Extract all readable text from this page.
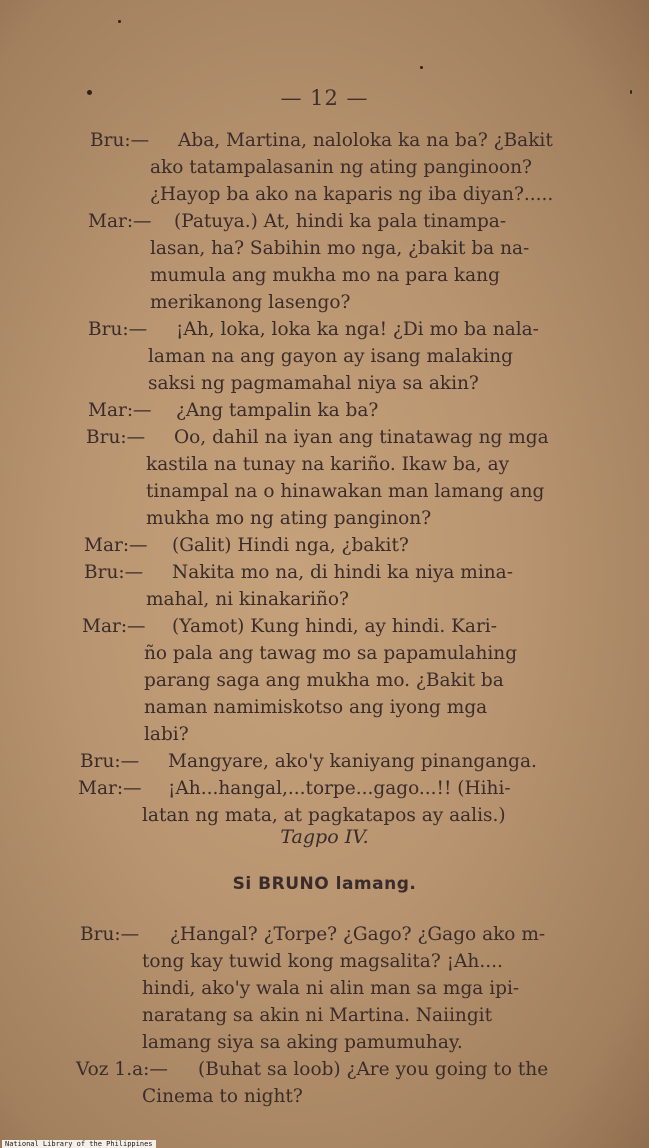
— 12 —
Bru:— Aba, Martina, naloloka ka na ba? ¿Bakit
ako tatampalasanin ng ating panginoon?
¿Hayop ba ako na kaparis ng iba diyan?.....
Mar:— (Patuya.) At, hindi ka pala tinampa-
lasan, ha? Sabihin mo nga, ¿bakit ba na-
mumula ang mukha mo na para kang
merikanong lasengo?
Bru:— ¡Ah, loka, loka ka nga! ¿Di mo ba nala-
laman na ang gayon ay isang malaking
saksi ng pagmamahal niya sa akin?
Mar:— ¿Ang tampalin ka ba?
Bru:— Oo, dahil na iyan ang tinatawag ng mga
kastila na tunay na kariño. Ikaw ba, ay
tinampal na o hinawakan man lamang ang
mukha mo ng ating panginon?
Mar:— (Galit) Hindi nga, ¿bakit?
Bru:— Nakita mo na, di hindi ka niya mina-
mahal, ni kinakariño?
Mar:— (Yamot) Kung hindi, ay hindi. Kari-
ño pala ang tawag mo sa papamulahing
parang saga ang mukha mo. ¿Bakit ba
naman namimiskotso ang iyong mga
labi?
Bru:— Mangyare, ako'y kaniyang pinanganga.
Mar:— ¡Ah...hangal,...torpe...gago...!! (Hihi-
latan ng mata, at pagkatapos ay aalis.)
Tagpo IV.
Si BRUNO lamang.
Bru:— ¿Hangal? ¿Torpe? ¿Gago? ¿Gago ako m-
tong kay tuwid kong magsalita? ¡Ah....
hindi, ako'y wala ni alin man sa mga ipi-
naratang sa akin ni Martina. Naiingit
lamang siya sa aking pamumuhay.
Voz 1.a:— (Buhat sa loob) ¿Are you going to the
Cinema to night?
National Library of the Philippines
